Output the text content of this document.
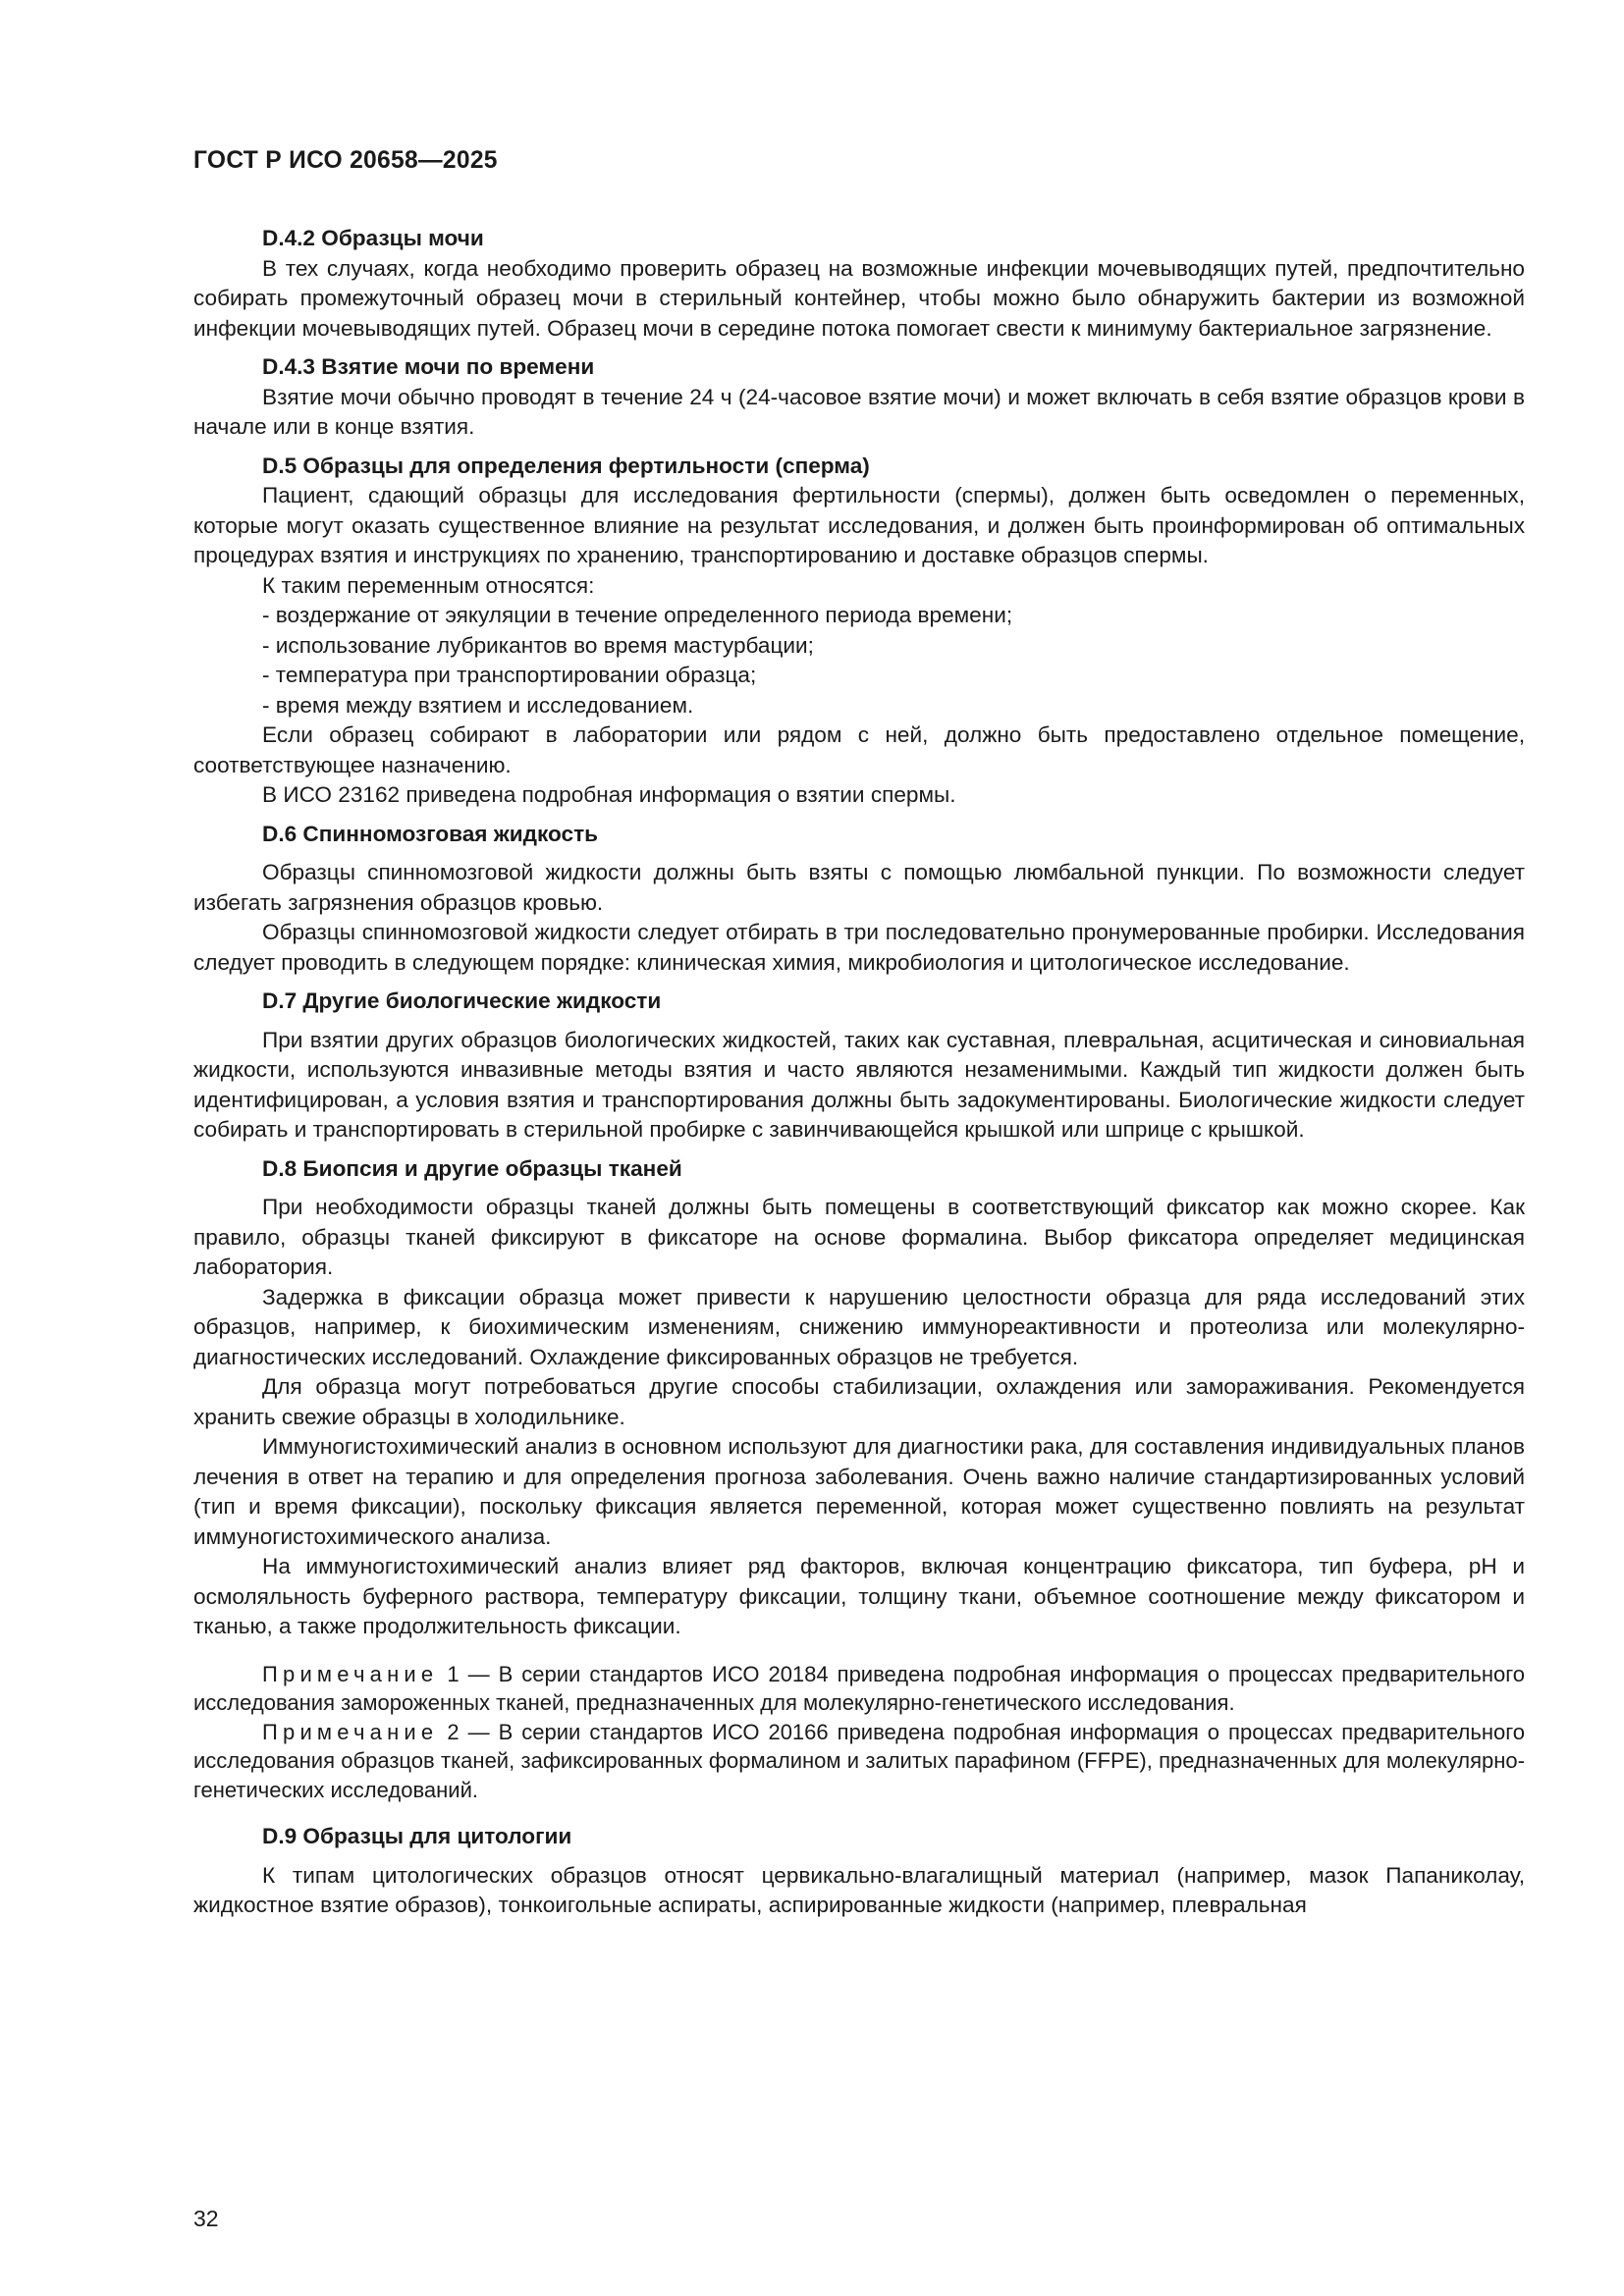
ГОСТ Р ИСО 20658—2025

D.4.2 Образцы мочи

В тех случаях, когда необходимо проверить образец на возможные инфекции мочевыводящих путей, предпочтительно собирать промежуточный образец мочи в стерильный контейнер, чтобы можно было обнаружить бактерии из возможной инфекции мочевыводящих путей. Образец мочи в середине потока помогает свести к минимуму бактериальное загрязнение.

D.4.3 Взятие мочи по времени

Взятие мочи обычно проводят в течение 24 ч (24-часовое взятие мочи) и может включать в себя взятие образцов крови в начале или в конце взятия.

D.5 Образцы для определения фертильности (сперма)

Пациент, сдающий образцы для исследования фертильности (спермы), должен быть осведомлен о переменных, которые могут оказать существенное влияние на результат исследования, и должен быть проинформирован об оптимальных процедурах взятия и инструкциях по хранению, транспортированию и доставке образцов спермы.

К таким переменным относятся:

- воздержание от эякуляции в течение определенного периода времени;

- использование лубрикантов во время мастурбации;

- температура при транспортировании образца;

- время между взятием и исследованием.

Если образец собирают в лаборатории или рядом с ней, должно быть предоставлено отдельное помещение, соответствующее назначению.

В ИСО 23162 приведена подробная информация о взятии спермы.

D.6 Спинномозговая жидкость

Образцы спинномозговой жидкости должны быть взяты с помощью люмбальной пункции. По возможности следует избегать загрязнения образцов кровью.

Образцы спинномозговой жидкости следует отбирать в три последовательно пронумерованные пробирки. Исследования следует проводить в следующем порядке: клиническая химия, микробиология и цитологическое исследование.

D.7 Другие биологические жидкости

При взятии других образцов биологических жидкостей, таких как суставная, плевральная, асцитическая и синовиальная жидкости, используются инвазивные методы взятия и часто являются незаменимыми. Каждый тип жидкости должен быть идентифицирован, а условия взятия и транспортирования должны быть задокументированы. Биологические жидкости следует собирать и транспортировать в стерильной пробирке с завинчивающейся крышкой или шприце с крышкой.

D.8 Биопсия и другие образцы тканей

При необходимости образцы тканей должны быть помещены в соответствующий фиксатор как можно скорее. Как правило, образцы тканей фиксируют в фиксаторе на основе формалина. Выбор фиксатора определяет медицинская лаборатория.

Задержка в фиксации образца может привести к нарушению целостности образца для ряда исследований этих образцов, например, к биохимическим изменениям, снижению иммунореактивности и протеолиза или молекулярно-диагностических исследований. Охлаждение фиксированных образцов не требуется.

Для образца могут потребоваться другие способы стабилизации, охлаждения или замораживания. Рекомендуется хранить свежие образцы в холодильнике.

Иммуногистохимический анализ в основном используют для диагностики рака, для составления индивидуальных планов лечения в ответ на терапию и для определения прогноза заболевания. Очень важно наличие стандартизированных условий (тип и время фиксации), поскольку фиксация является переменной, которая может существенно повлиять на результат иммуногистохимического анализа.

На иммуногистохимический анализ влияет ряд факторов, включая концентрацию фиксатора, тип буфера, pH и осмоляльность буферного раствора, температуру фиксации, толщину ткани, объемное соотношение между фиксатором и тканью, а также продолжительность фиксации.

Примечание 1 — В серии стандартов ИСО 20184 приведена подробная информация о процессах предварительного исследования замороженных тканей, предназначенных для молекулярно-генетического исследования.

Примечание 2 — В серии стандартов ИСО 20166 приведена подробная информация о процессах предварительного исследования образцов тканей, зафиксированных формалином и залитых парафином (FFPE), предназначенных для молекулярно-генетических исследований.

D.9 Образцы для цитологии

К типам цитологических образцов относят цервикально-влагалищный материал (например, мазок Папаниколау, жидкостное взятие образов), тонкоигольные аспираты, аспирированные жидкости (например, плевральная

32
